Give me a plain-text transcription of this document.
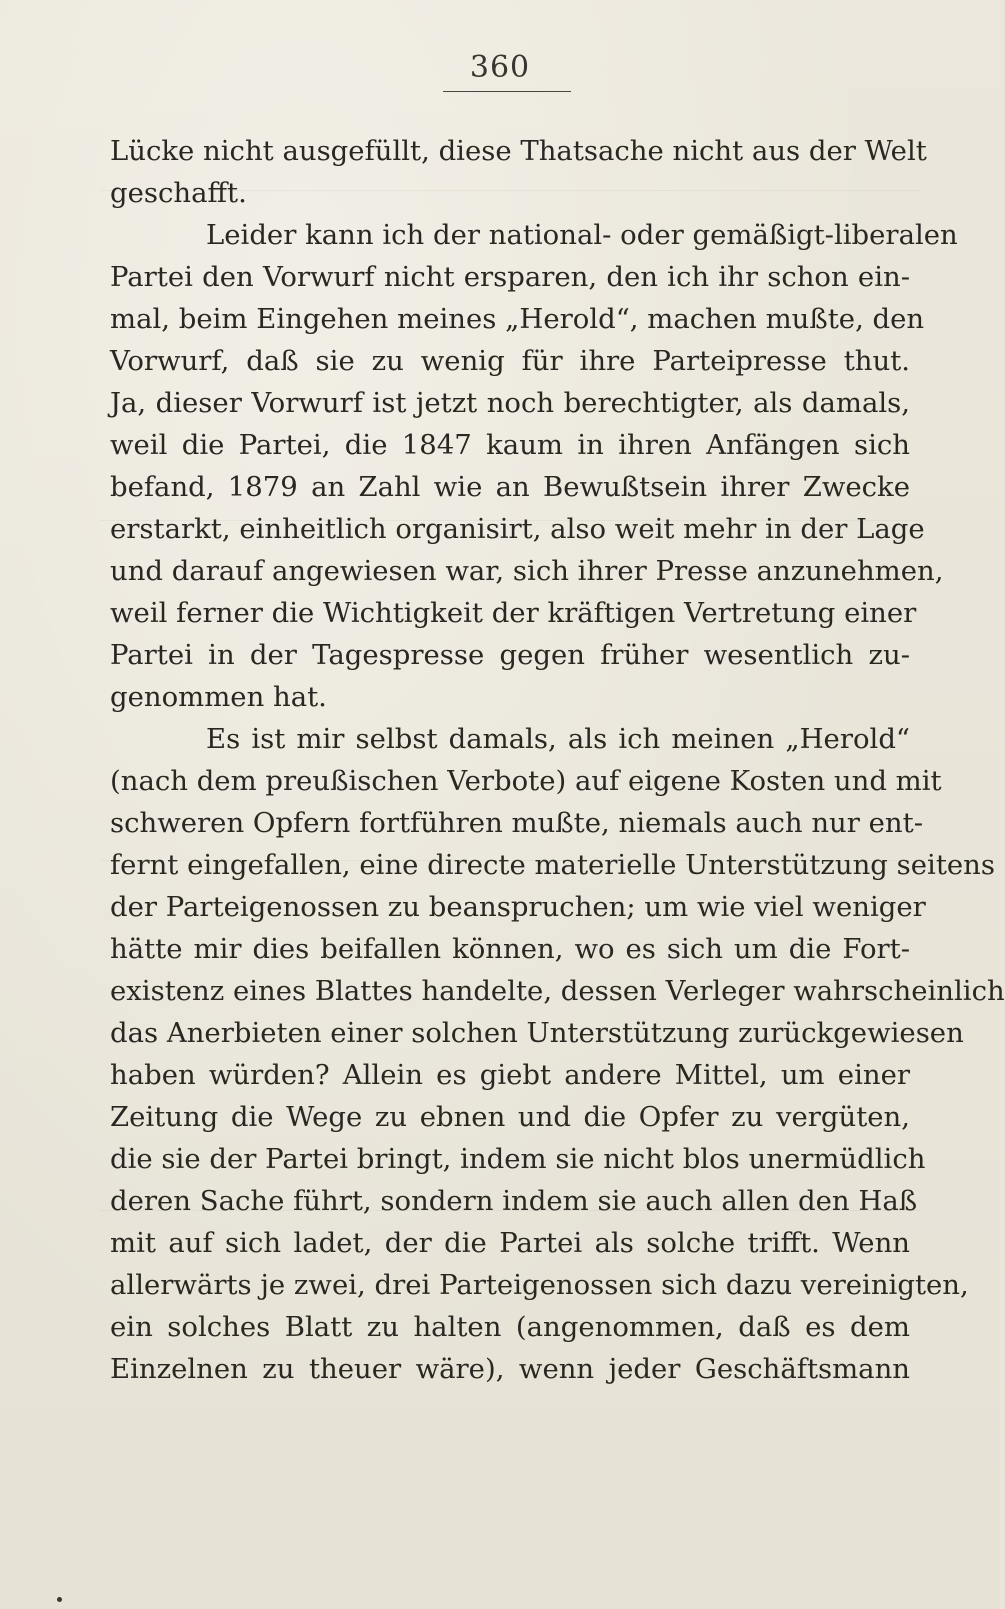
360
Lücke nicht ausgefüllt, diese Thatsache nicht aus der Welt
geschafft.
Leider kann ich der national- oder gemäßigt-liberalen
Partei den Vorwurf nicht ersparen, den ich ihr schon ein-
mal, beim Eingehen meines „Herold“, machen mußte, den
Vorwurf, daß sie zu wenig für ihre Parteipresse thut.
Ja, dieser Vorwurf ist jetzt noch berechtigter, als damals,
weil die Partei, die 1847 kaum in ihren Anfängen sich
befand, 1879 an Zahl wie an Bewußtsein ihrer Zwecke
erstarkt, einheitlich organisirt, also weit mehr in der Lage
und darauf angewiesen war, sich ihrer Presse anzunehmen,
weil ferner die Wichtigkeit der kräftigen Vertretung einer
Partei in der Tagespresse gegen früher wesentlich zu-
genommen hat.
Es ist mir selbst damals, als ich meinen „Herold“
(nach dem preußischen Verbote) auf eigene Kosten und mit
schweren Opfern fortführen mußte, niemals auch nur ent-
fernt eingefallen, eine directe materielle Unterstützung seitens
der Parteigenossen zu beanspruchen; um wie viel weniger
hätte mir dies beifallen können, wo es sich um die Fort-
existenz eines Blattes handelte, dessen Verleger wahrscheinlich
das Anerbieten einer solchen Unterstützung zurückgewiesen
haben würden? Allein es giebt andere Mittel, um einer
Zeitung die Wege zu ebnen und die Opfer zu vergüten,
die sie der Partei bringt, indem sie nicht blos unermüdlich
deren Sache führt, sondern indem sie auch allen den Haß
mit auf sich ladet, der die Partei als solche trifft. Wenn
allerwärts je zwei, drei Parteigenossen sich dazu vereinigten,
ein solches Blatt zu halten (angenommen, daß es dem
Einzelnen zu theuer wäre), wenn jeder Geschäftsmann
